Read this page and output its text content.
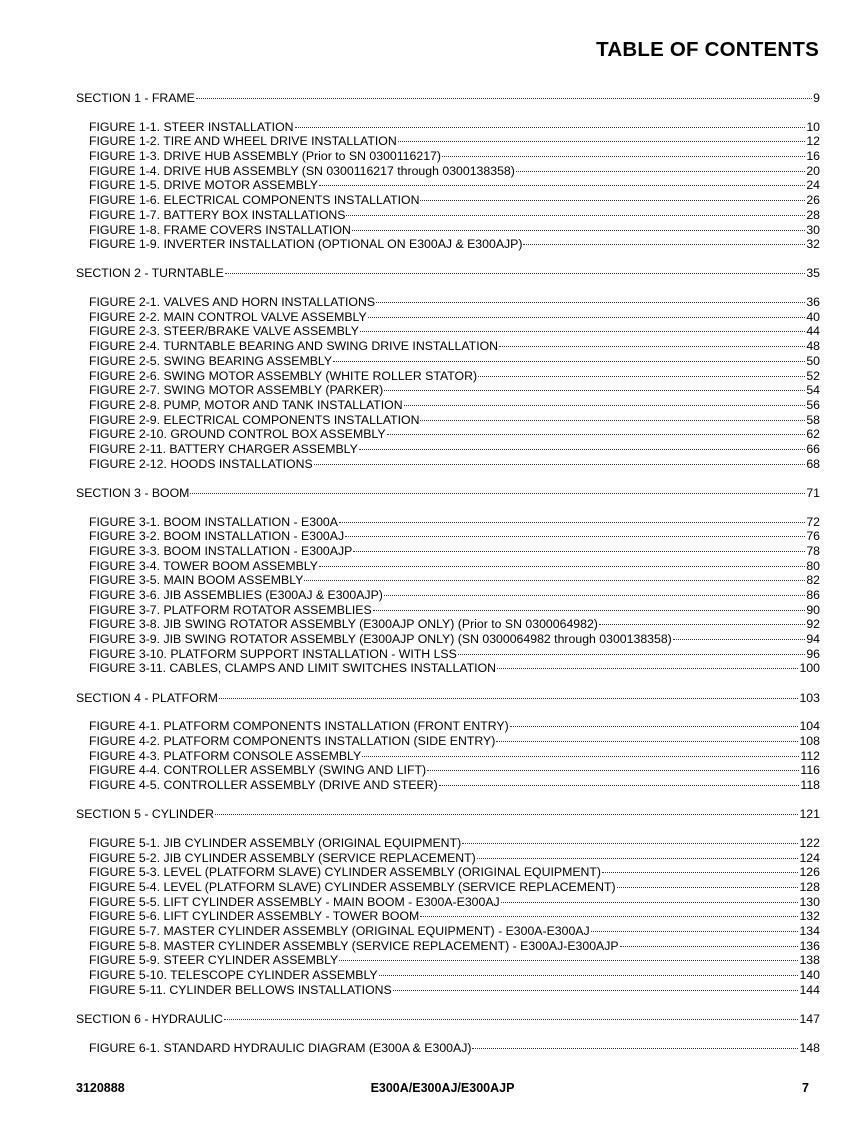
TABLE OF CONTENTS
SECTION 1 - FRAME	9
FIGURE 1-1. STEER INSTALLATION	10
FIGURE 1-2. TIRE AND WHEEL DRIVE INSTALLATION	12
FIGURE 1-3. DRIVE HUB ASSEMBLY (Prior to SN 0300116217)	16
FIGURE 1-4. DRIVE HUB ASSEMBLY (SN 0300116217 through 0300138358)	20
FIGURE 1-5. DRIVE MOTOR ASSEMBLY	24
FIGURE 1-6. ELECTRICAL COMPONENTS INSTALLATION	26
FIGURE 1-7. BATTERY BOX INSTALLATIONS	28
FIGURE 1-8. FRAME COVERS INSTALLATION	30
FIGURE 1-9. INVERTER INSTALLATION (OPTIONAL ON E300AJ & E300AJP)	32
SECTION 2 - TURNTABLE	35
FIGURE 2-1. VALVES AND HORN INSTALLATIONS	36
FIGURE 2-2. MAIN CONTROL VALVE ASSEMBLY	40
FIGURE 2-3. STEER/BRAKE VALVE ASSEMBLY	44
FIGURE 2-4. TURNTABLE BEARING AND SWING DRIVE INSTALLATION	48
FIGURE 2-5. SWING BEARING ASSEMBLY	50
FIGURE 2-6. SWING MOTOR ASSEMBLY (WHITE ROLLER STATOR)	52
FIGURE 2-7. SWING MOTOR ASSEMBLY (PARKER)	54
FIGURE 2-8. PUMP, MOTOR AND TANK INSTALLATION	56
FIGURE 2-9. ELECTRICAL COMPONENTS INSTALLATION	58
FIGURE 2-10. GROUND CONTROL BOX ASSEMBLY	62
FIGURE 2-11. BATTERY CHARGER ASSEMBLY	66
FIGURE 2-12. HOODS INSTALLATIONS	68
SECTION 3 - BOOM	71
FIGURE 3-1. BOOM INSTALLATION - E300A	72
FIGURE 3-2. BOOM INSTALLATION - E300AJ	76
FIGURE 3-3. BOOM INSTALLATION - E300AJP	78
FIGURE 3-4. TOWER BOOM ASSEMBLY	80
FIGURE 3-5. MAIN BOOM ASSEMBLY	82
FIGURE 3-6. JIB ASSEMBLIES (E300AJ & E300AJP)	86
FIGURE 3-7. PLATFORM ROTATOR ASSEMBLIES	90
FIGURE 3-8. JIB SWING ROTATOR ASSEMBLY (E300AJP ONLY) (Prior to SN 0300064982)	92
FIGURE 3-9. JIB SWING ROTATOR ASSEMBLY (E300AJP ONLY) (SN 0300064982 through 0300138358)	94
FIGURE 3-10. PLATFORM SUPPORT INSTALLATION - WITH LSS	96
FIGURE 3-11. CABLES, CLAMPS AND LIMIT SWITCHES INSTALLATION	100
SECTION 4 - PLATFORM	103
FIGURE 4-1. PLATFORM COMPONENTS INSTALLATION (FRONT ENTRY)	104
FIGURE 4-2. PLATFORM COMPONENTS INSTALLATION (SIDE ENTRY)	108
FIGURE 4-3. PLATFORM CONSOLE ASSEMBLY	112
FIGURE 4-4. CONTROLLER ASSEMBLY (SWING AND LIFT)	116
FIGURE 4-5. CONTROLLER ASSEMBLY (DRIVE AND STEER)	118
SECTION 5 - CYLINDER	121
FIGURE 5-1. JIB CYLINDER ASSEMBLY (ORIGINAL EQUIPMENT)	122
FIGURE 5-2. JIB CYLINDER ASSEMBLY (SERVICE REPLACEMENT)	124
FIGURE 5-3. LEVEL (PLATFORM SLAVE) CYLINDER ASSEMBLY (ORIGINAL EQUIPMENT)	126
FIGURE 5-4. LEVEL (PLATFORM SLAVE) CYLINDER ASSEMBLY (SERVICE REPLACEMENT)	128
FIGURE 5-5. LIFT CYLINDER ASSEMBLY - MAIN BOOM - E300A-E300AJ	130
FIGURE 5-6. LIFT CYLINDER ASSEMBLY - TOWER BOOM	132
FIGURE 5-7. MASTER CYLINDER ASSEMBLY (ORIGINAL EQUIPMENT) - E300A-E300AJ	134
FIGURE 5-8. MASTER CYLINDER ASSEMBLY (SERVICE REPLACEMENT) - E300AJ-E300AJP	136
FIGURE 5-9. STEER CYLINDER ASSEMBLY	138
FIGURE 5-10. TELESCOPE CYLINDER ASSEMBLY	140
FIGURE 5-11. CYLINDER BELLOWS INSTALLATIONS	144
SECTION 6 - HYDRAULIC	147
FIGURE 6-1. STANDARD HYDRAULIC DIAGRAM (E300A & E300AJ)	148
3120888	E300A/E300AJ/E300AJP	7
